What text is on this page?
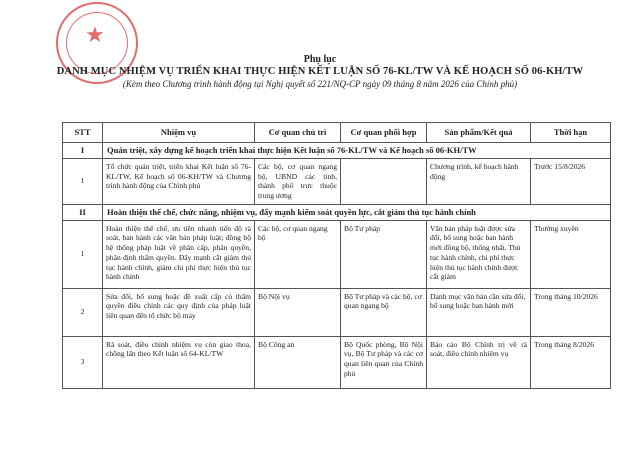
★
Phụ lục
DANH MỤC NHIỆM VỤ TRIỂN KHAI THỰC HIỆN KẾT LUẬN SỐ 76-KL/TW VÀ KẾ HOẠCH SỐ 06-KH/TW
(Kèm theo Chương trình hành động tại Nghị quyết số 221/NQ-CP ngày 09 tháng 8 năm 2026 của Chính phủ)
STT	Nhiệm vụ	Cơ quan chủ trì	Cơ quan phối hợp	Sản phẩm/Kết quả	Thời hạn
I	Quán triệt, xây dựng kế hoạch triển khai thực hiện Kết luận số 76-KL/TW và Kế hoạch số 06-KH/TW				
1	Tổ chức quán triệt, triển khai Kết luận số 76-KL/TW, Kế hoạch số 06-KH/TW và Chương trình hành động của Chính phủ	Các bộ, cơ quan ngang bộ, UBND các tỉnh, thành phố trực thuộc trung ương		Chương trình, kế hoạch hành động	Trước 15/8/2026
II	Hoàn thiện thể chế, chức năng, nhiệm vụ, đẩy mạnh kiểm soát quyền lực, cắt giảm thủ tục hành chính				
1	Hoàn thiện thể chế, ưu tiên nhanh tiến độ rà soát, ban hành các văn bản pháp luật; đồng bộ hệ thống pháp luật về phân cấp, phân quyền, phân định thẩm quyền. Đẩy mạnh cắt giảm thủ tục hành chính, giảm chi phí thực hiện thủ tục hành chính	Các bộ, cơ quan ngang bộ	Bộ Tư pháp	Văn bản pháp luật được sửa đổi, bổ sung hoặc ban hành mới đồng bộ, thống nhất. Thủ tục hành chính, chi phí thực hiện thủ tục hành chính được cắt giảm	Thường xuyên
2	Sửa đổi, bổ sung hoặc đề xuất cấp có thẩm quyền điều chỉnh các quy định của pháp luật liên quan đến tổ chức bộ máy	Bộ Nội vụ	Bộ Tư pháp và các bộ, cơ quan ngang bộ	Danh mục văn bản cần sửa đổi, bổ sung hoặc ban hành mới	Trong tháng 10/2026
3	Rà soát, điều chỉnh nhiệm vụ còn giao thoa, chồng lấn theo Kết luận số 64-KL/TW	Bộ Công an	Bộ Quốc phòng, Bộ Nội vụ, Bộ Tư pháp và các cơ quan liên quan của Chính phủ	Báo cáo Bộ Chính trị về rà soát, điều chỉnh nhiệm vụ	Trong tháng 8/2026
